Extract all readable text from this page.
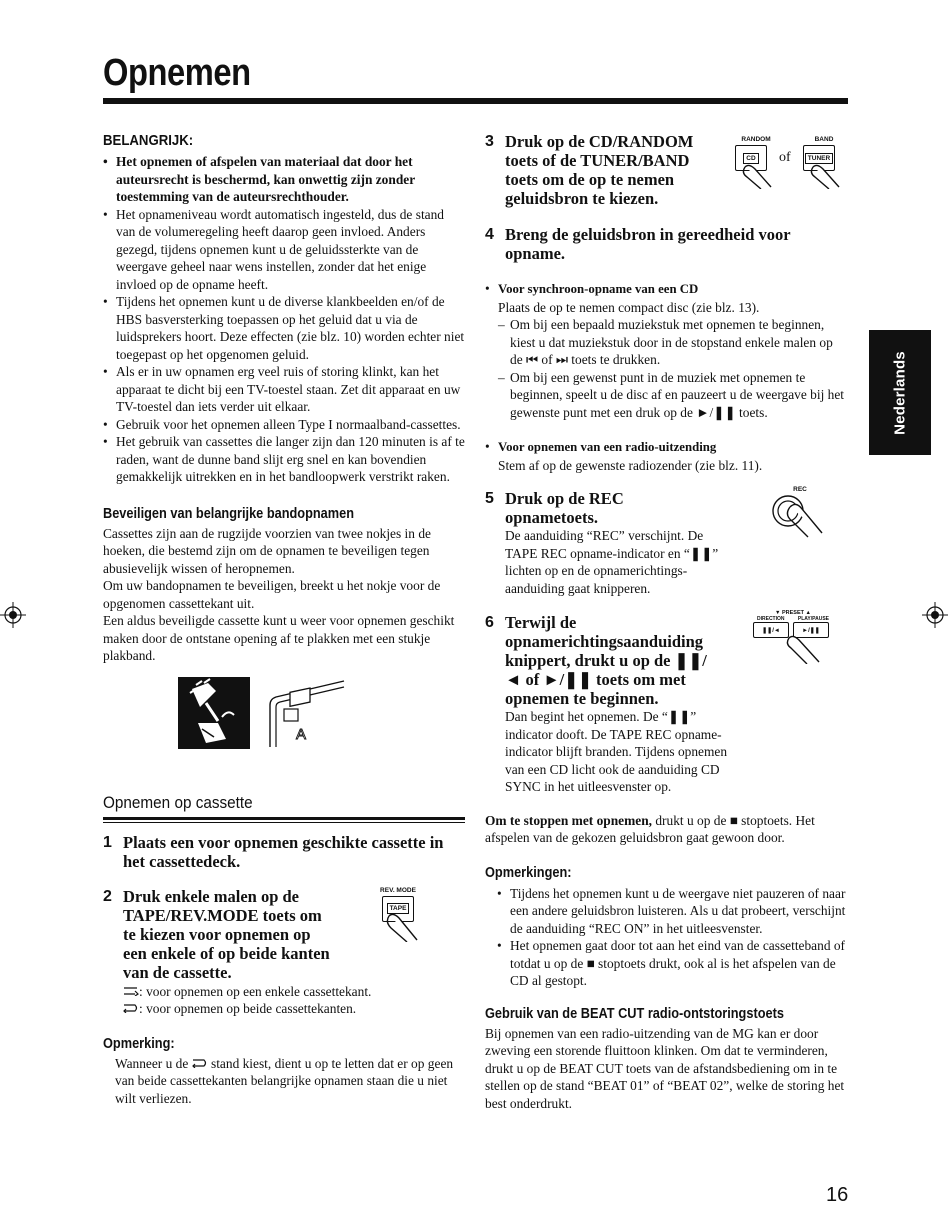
Opnemen
Nederlands
BELANGRIJK:
• Het opnemen of afspelen van materiaal dat door het auteursrecht is beschermd, kan onwettig zijn zonder toestemming van de auteursrechthouder.
• Het opnameniveau wordt automatisch ingesteld, dus de stand van de volumeregeling heeft daarop geen invloed. Anders gezegd, tijdens opnemen kunt u de geluidssterkte van de weergave geheel naar wens instellen, zonder dat het enige invloed op de opname heeft.
• Tijdens het opnemen kunt u de diverse klankbeelden en/of de HBS basversterking toepassen op het geluid dat u via de luidsprekers hoort. Deze effecten (zie blz. 10) worden echter niet toegepast op het opgenomen geluid.
• Als er in uw opnamen erg veel ruis of storing klinkt, kan het apparaat te dicht bij een TV-toestel staan. Zet dit apparaat en uw TV-toestel dan iets verder uit elkaar.
• Gebruik voor het opnemen alleen Type I normaalband-cassettes.
• Het gebruik van cassettes die langer zijn dan 120 minuten is af te raden, want de dunne band slijt erg snel en kan bovendien gemakkelijk uitrekken en in het bandloopwerk verstrikt raken.
Beveiligen van belangrijke bandopnamen
Cassettes zijn aan de rugzijde voorzien van twee nokjes in de hoeken, die bestemd zijn om de opnamen te beveiligen tegen abusievelijk wissen of heropnemen.
Om uw bandopnamen te beveiligen, breekt u het nokje voor de opgenomen cassettekant uit.
Een aldus beveiligde cassette kunt u weer voor opnemen geschikt maken door de ontstane opening af te plakken met een stukje plakband.
A
Opnemen op cassette
1 Plaats een voor opnemen geschikte cassette in het cassettedeck.
2 Druk enkele malen op de TAPE/REV.MODE toets om te kiezen voor opnemen op een enkele of op beide kanten van de cassette.
: voor opnemen op een enkele cassettekant.
: voor opnemen op beide cassettekanten.
REV. MODE
TAPE
Opmerking:
Wanneer u de stand kiest, dient u op te letten dat er op geen van beide cassettekanten belangrijke opnamen staan die u niet wilt verliezen.
3 Druk op de CD/RANDOM toets of de TUNER/BAND toets om de op te nemen geluidsbron te kiezen.
RANDOM
CD of
BAND
TUNER
4 Breng de geluidsbron in gereedheid voor opname.
• Voor synchroon-opname van een CD
Plaats de op te nemen compact disc (zie blz. 13).
– Om bij een bepaald muziekstuk met opnemen te beginnen, kiest u dat muziekstuk door in de stopstand enkele malen op de ⏮ of ⏭ toets te drukken.
– Om bij een gewenst punt in de muziek met opnemen te beginnen, speelt u de disc af en pauzeert u de weergave bij het gewenste punt met een druk op de ►/❚❚ toets.
• Voor opnemen van een radio-uitzending
Stem af op de gewenste radiozender (zie blz. 11).
5 Druk op de REC opnametoets.
De aanduiding “REC” verschijnt. De TAPE REC opname-indicator en “❚❚” lichten op en de opnamerichtings-aanduiding gaat knipperen.
REC
6 Terwijl de opnamerichtingsaanduiding knippert, drukt u op de ❚❚/◄ of ►/❚❚ toets om met opnemen te beginnen.
Dan begint het opnemen. De “❚❚” indicator dooft. De TAPE REC opname-indicator blijft branden. Tijdens opnemen van een CD licht ook de aanduiding CD SYNC in het uitleesvenster op.
▼ PRESET ▲
DIRECTION	PLAY/PAUSE
❚❚/◄	►/❚❚
Om te stoppen met opnemen, drukt u op de ■ stoptoets. Het afspelen van de gekozen geluidsbron gaat gewoon door.
Opmerkingen:
• Tijdens het opnemen kunt u de weergave niet pauzeren of naar een andere geluidsbron luisteren. Als u dat probeert, verschijnt de aanduiding “REC ON” in het uitleesvenster.
• Het opnemen gaat door tot aan het eind van de cassetteband of totdat u op de ■ stoptoets drukt, ook al is het afspelen van de CD al gestopt.
Gebruik van de BEAT CUT radio-ontstoringstoets
Bij opnemen van een radio-uitzending van de MG kan er door zweving een storende fluittoon klinken. Om dat te verminderen, drukt u op de BEAT CUT toets van de afstandsbediening om in te stellen op de stand “BEAT 01” of “BEAT 02”, welke de storing het best onderdrukt.
16
